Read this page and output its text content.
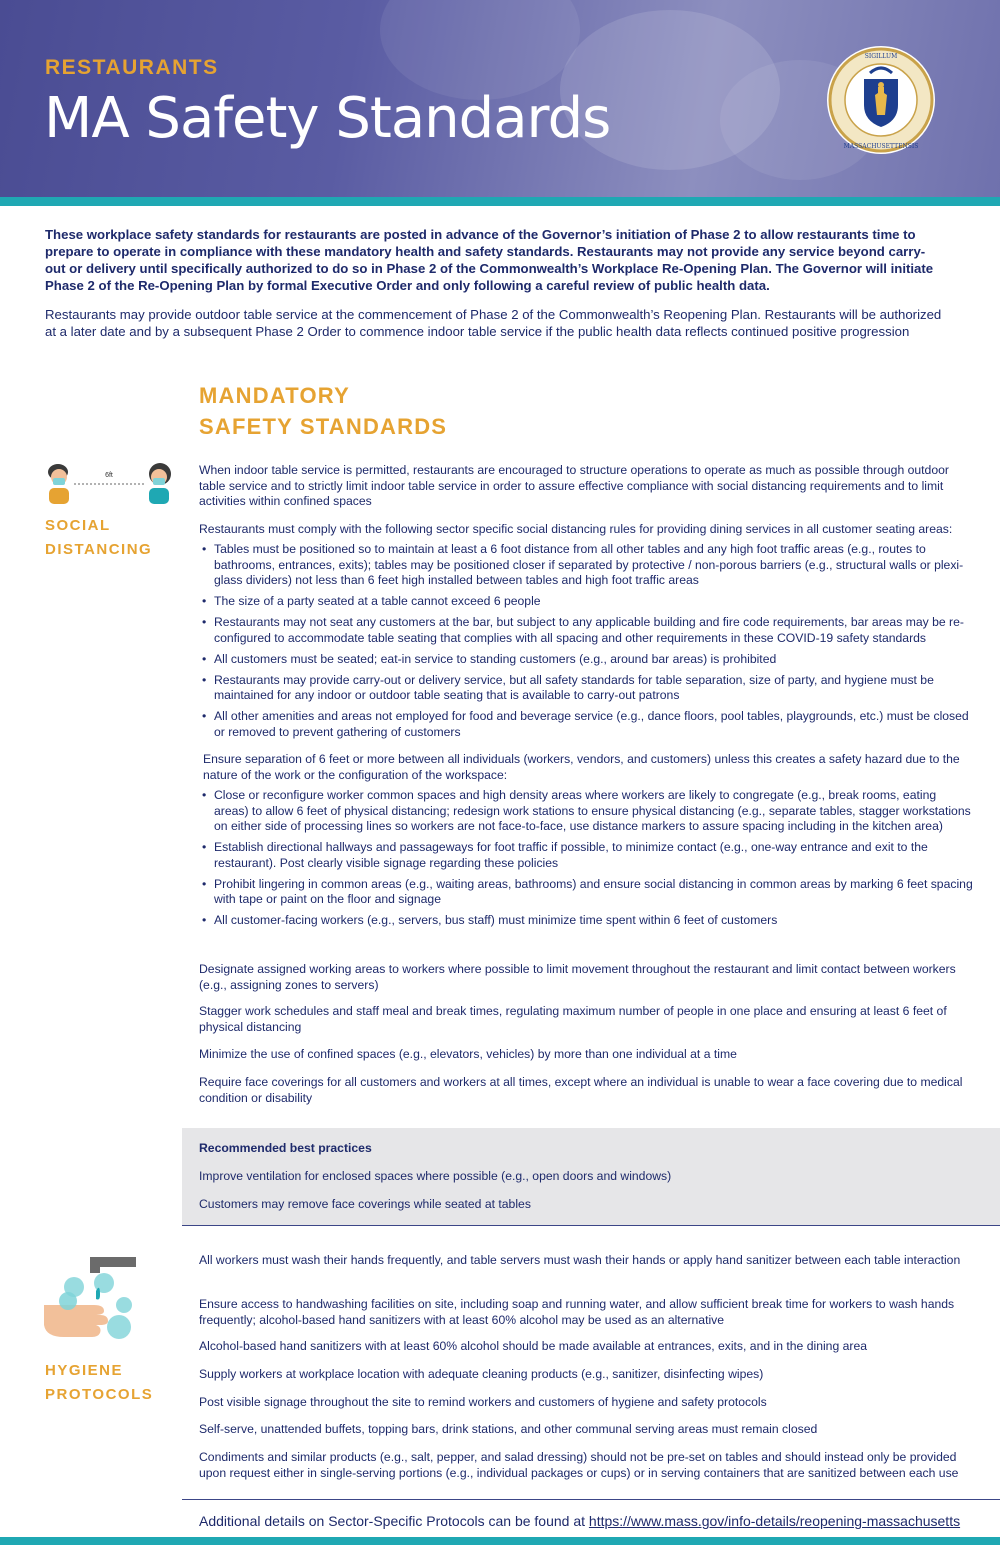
RESTAURANTS
MA Safety Standards
SIGILLUM
MASSACHUSETTENSIS
These workplace safety standards for restaurants are posted in advance of the Governor’s initiation of Phase 2 to allow restaurants time to prepare to operate in compliance with these mandatory health and safety standards. Restaurants may not provide any service beyond carry-out or delivery until specifically authorized to do so in Phase 2 of the Commonwealth’s Workplace Re-Opening Plan. The Governor will initiate Phase 2 of the Re-Opening Plan by formal Executive Order and only following a careful review of public health data.
Restaurants may provide outdoor table service at the commencement of Phase 2 of the Commonwealth’s Reopening Plan. Restaurants will be authorized at a later date and by a subsequent Phase 2 Order to commence indoor table service if the public health data reflects continued positive progression
MANDATORY
SAFETY STANDARDS
6ft
SOCIAL
DISTANCING

When indoor table service is permitted, restaurants are encouraged to structure operations to operate as much as possible through outdoor table service and to strictly limit indoor table service in order to assure effective compliance with social distancing requirements and to limit activities within confined spaces

Restaurants must comply with the following sector specific social distancing rules for providing dining services in all customer seating areas:

• Tables must be positioned so to maintain at least a 6 foot distance from all other tables and any high foot traffic areas (e.g., routes to bathrooms, entrances, exits); tables may be positioned closer if separated by protective / non-porous barriers (e.g., structural walls or plexi-glass dividers) not less than 6 feet high installed between tables and high foot traffic areas
• The size of a party seated at a table cannot exceed 6 people
• Restaurants may not seat any customers at the bar, but subject to any applicable building and fire code requirements, bar areas may be re-configured to accommodate table seating that complies with all spacing and other requirements in these COVID-19 safety standards
• All customers must be seated; eat-in service to standing customers (e.g., around bar areas) is prohibited
• Restaurants may provide carry-out or delivery service, but all safety standards for table separation, size of party, and hygiene must be maintained for any indoor or outdoor table seating that is available to carry-out patrons
• All other amenities and areas not employed for food and beverage service (e.g., dance floors, pool tables, playgrounds, etc.) must be closed or removed to prevent gathering of customers

Ensure separation of 6 feet or more between all individuals (workers, vendors, and customers) unless this creates a safety hazard due to the nature of the work or the configuration of the workspace:

• Close or reconfigure worker common spaces and high density areas where workers are likely to congregate (e.g., break rooms, eating areas) to allow 6 feet of physical distancing; redesign work stations to ensure physical distancing (e.g., separate tables, stagger workstations on either side of processing lines so workers are not face-to-face, use distance markers to assure spacing including in the kitchen area)
• Establish directional hallways and passageways for foot traffic if possible, to minimize contact (e.g., one-way entrance and exit to the restaurant). Post clearly visible signage regarding these policies
• Prohibit lingering in common areas (e.g., waiting areas, bathrooms) and ensure social distancing in common areas by marking 6 feet spacing with tape or paint on the floor and signage
• All customer-facing workers (e.g., servers, bus staff) must minimize time spent within 6 feet of customers
Designate assigned working areas to workers where possible to limit movement throughout the restaurant and limit contact between workers (e.g., assigning zones to servers)
Stagger work schedules and staff meal and break times, regulating maximum number of people in one place and ensuring at least 6 feet of physical distancing
Minimize the use of confined spaces (e.g., elevators, vehicles) by more than one individual at a time
Require face coverings for all customers and workers at all times, except where an individual is unable to wear a face covering due to medical condition or disability
Recommended best practices
Improve ventilation for enclosed spaces where possible (e.g., open doors and windows)
Customers may remove face coverings while seated at tables
HYGIENE
PROTOCOLS
All workers must wash their hands frequently, and table servers must wash their hands or apply hand sanitizer between each table interaction
Ensure access to handwashing facilities on site, including soap and running water, and allow sufficient break time for workers to wash hands frequently; alcohol-based hand sanitizers with at least 60% alcohol may be used as an alternative
Alcohol-based hand sanitizers with at least 60% alcohol should be made available at entrances, exits, and in the dining area
Supply workers at workplace location with adequate cleaning products (e.g., sanitizer, disinfecting wipes)
Post visible signage throughout the site to remind workers and customers of hygiene and safety protocols
Self-serve, unattended buffets, topping bars, drink stations, and other communal serving areas must remain closed
Condiments and similar products (e.g., salt, pepper, and salad dressing) should not be pre-set on tables and should instead only be provided upon request either in single-serving portions (e.g., individual packages or cups) or in serving containers that are sanitized between each use
Additional details on Sector-Specific Protocols can be found at https://www.mass.gov/info-details/reopening-massachusetts
